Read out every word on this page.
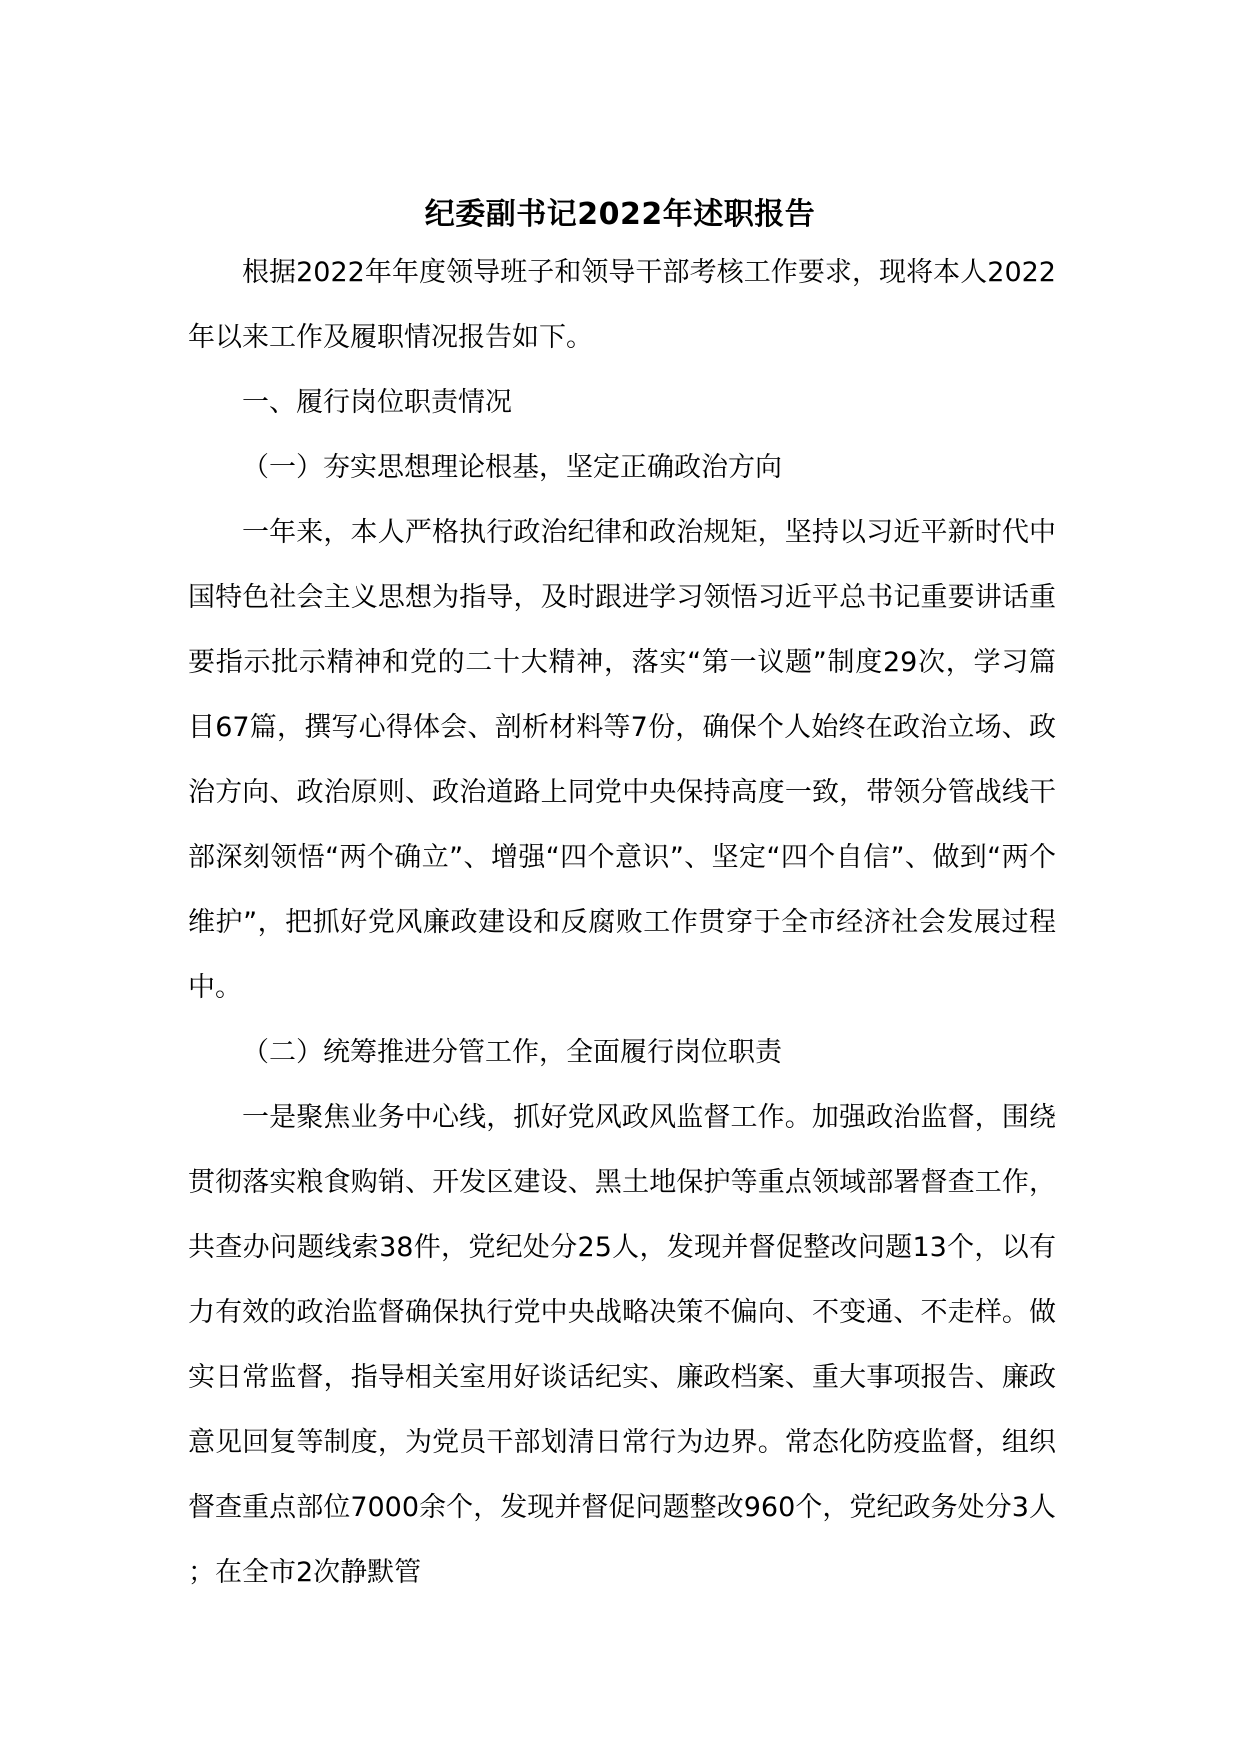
纪委副书记2022年述职报告

根据2022年年度领导班子和领导干部考核工作要求，现将本人2022年以来工作及履职情况报告如下。

一、履行岗位职责情况

（一）夯实思想理论根基，坚定正确政治方向

一年来，本人严格执行政治纪律和政治规矩，坚持以习近平新时代中国特色社会主义思想为指导，及时跟进学习领悟习近平总书记重要讲话重要指示批示精神和党的二十大精神，落实“第一议题”制度29次，学习篇目67篇，撰写心得体会、剖析材料等7份，确保个人始终在政治立场、政治方向、政治原则、政治道路上同党中央保持高度一致，带领分管战线干部深刻领悟“两个确立”、增强“四个意识”、坚定“四个自信”、做到“两个维护”，把抓好党风廉政建设和反腐败工作贯穿于全市经济社会发展过程中。

（二）统筹推进分管工作，全面履行岗位职责

一是聚焦业务中心线，抓好党风政风监督工作。加强政治监督，围绕贯彻落实粮食购销、开发区建设、黑土地保护等重点领域部署督查工作，共查办问题线索38件，党纪处分25人，发现并督促整改问题13个，以有力有效的政治监督确保执行党中央战略决策不偏向、不变通、不走样。做实日常监督，指导相关室用好谈话纪实、廉政档案、重大事项报告、廉政意见回复等制度，为党员干部划清日常行为边界。常态化防疫监督，组织督查重点部位7000余个，发现并督促问题整改960个，党纪政务处分3人；在全市2次静默管
